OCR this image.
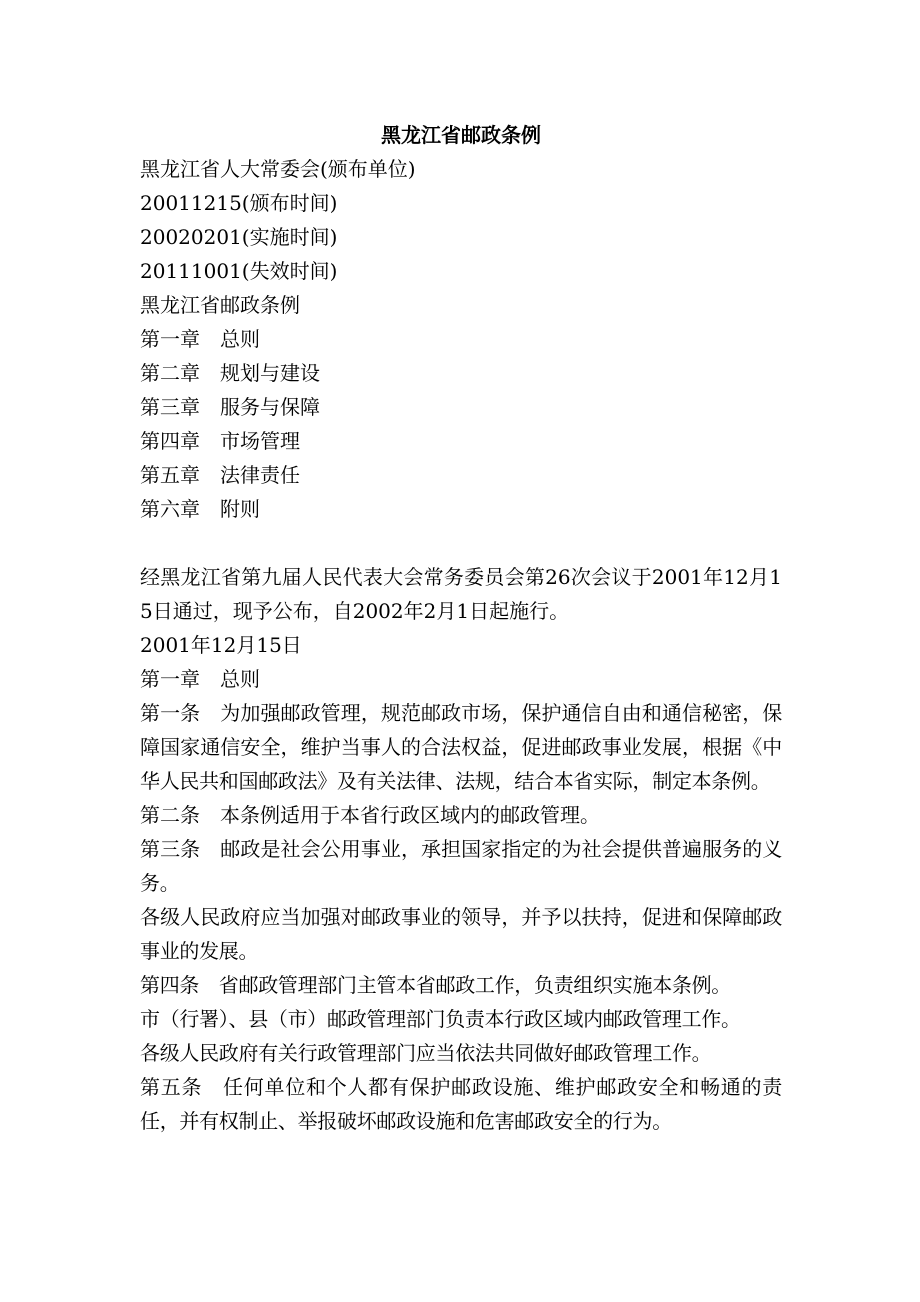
黑龙江省邮政条例
黑龙江省人大常委会(颁布单位)
20011215(颁布时间)
20020201(实施时间)
20111001(失效时间)
黑龙江省邮政条例
第一章　总则
第二章　规划与建设
第三章　服务与保障
第四章　市场管理
第五章　法律责任
第六章　附则
经黑龙江省第九届人民代表大会常务委员会第26次会议于2001年12月15日通过，现予公布，自2002年2月1日起施行。
2001年12月15日
第一章　总则
第一条　为加强邮政管理，规范邮政市场，保护通信自由和通信秘密，保障国家通信安全，维护当事人的合法权益，促进邮政事业发展，根据《中华人民共和国邮政法》及有关法律、法规，结合本省实际，制定本条例。
第二条　本条例适用于本省行政区域内的邮政管理。
第三条　邮政是社会公用事业，承担国家指定的为社会提供普遍服务的义务。
各级人民政府应当加强对邮政事业的领导，并予以扶持，促进和保障邮政事业的发展。
第四条　省邮政管理部门主管本省邮政工作，负责组织实施本条例。
市（行署）、县（市）邮政管理部门负责本行政区域内邮政管理工作。
各级人民政府有关行政管理部门应当依法共同做好邮政管理工作。
第五条　任何单位和个人都有保护邮政设施、维护邮政安全和畅通的责任，并有权制止、举报破坏邮政设施和危害邮政安全的行为。
